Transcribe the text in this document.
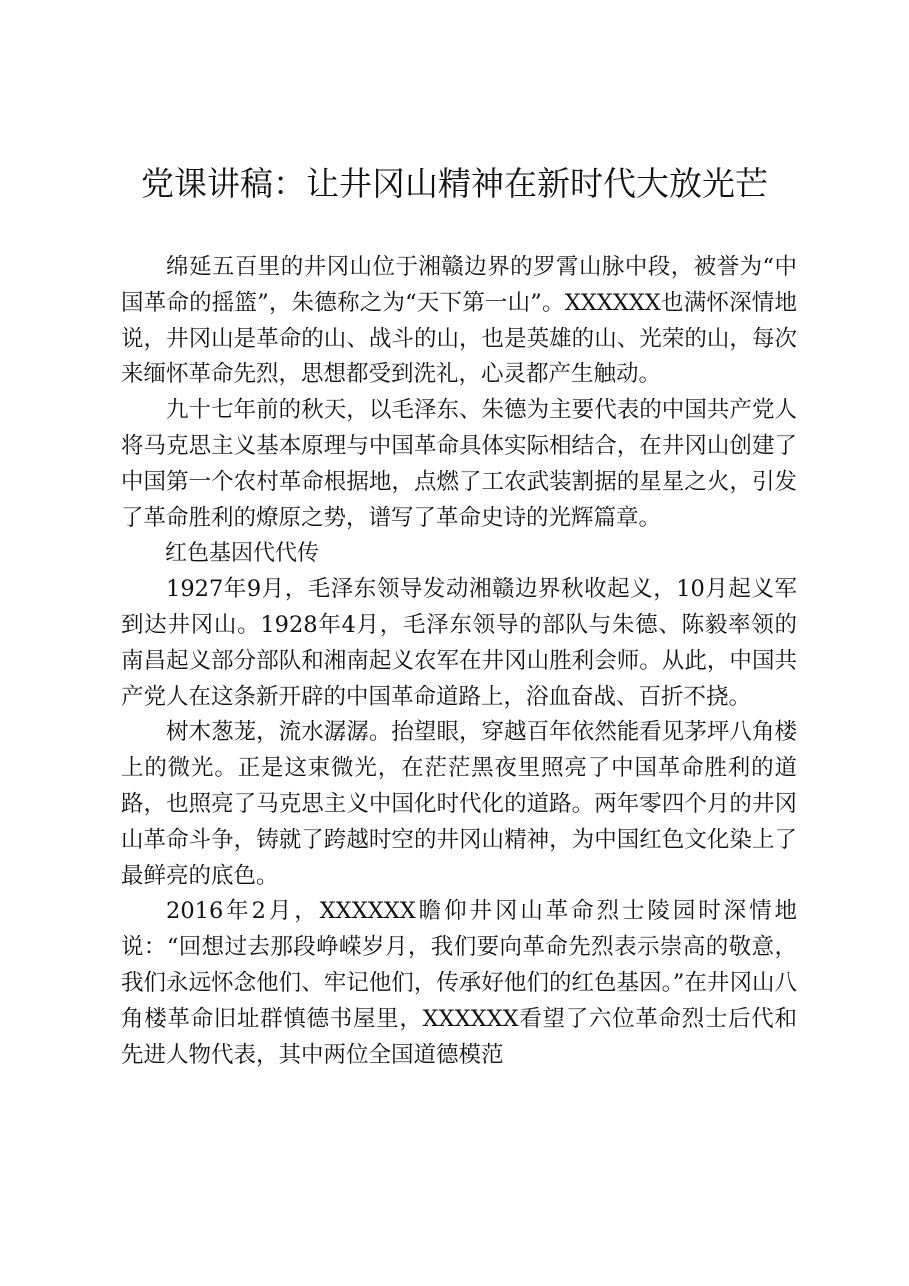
党课讲稿：让井冈山精神在新时代大放光芒

绵延五百里的井冈山位于湘赣边界的罗霄山脉中段，被誉为“中国革命的摇篮”，朱德称之为“天下第一山”。XXXXXX也满怀深情地说，井冈山是革命的山、战斗的山，也是英雄的山、光荣的山，每次来缅怀革命先烈，思想都受到洗礼，心灵都产生触动。

九十七年前的秋天，以毛泽东、朱德为主要代表的中国共产党人将马克思主义基本原理与中国革命具体实际相结合，在井冈山创建了中国第一个农村革命根据地，点燃了工农武装割据的星星之火，引发了革命胜利的燎原之势，谱写了革命史诗的光辉篇章。

红色基因代代传

1927年9月，毛泽东领导发动湘赣边界秋收起义，10月起义军到达井冈山。1928年4月，毛泽东领导的部队与朱德、陈毅率领的南昌起义部分部队和湘南起义农军在井冈山胜利会师。从此，中国共产党人在这条新开辟的中国革命道路上，浴血奋战、百折不挠。

树木葱茏，流水潺潺。抬望眼，穿越百年依然能看见茅坪八角楼上的微光。正是这束微光，在茫茫黑夜里照亮了中国革命胜利的道路，也照亮了马克思主义中国化时代化的道路。两年零四个月的井冈山革命斗争，铸就了跨越时空的井冈山精神，为中国红色文化染上了最鲜亮的底色。

2016年2月，XXXXXX瞻仰井冈山革命烈士陵园时深情地说：“回想过去那段峥嵘岁月，我们要向革命先烈表示崇高的敬意，我们永远怀念他们、牢记他们，传承好他们的红色基因。”在井冈山八角楼革命旧址群慎德书屋里，XXXXXX看望了六位革命烈士后代和先进人物代表，其中两位全国道德模范
